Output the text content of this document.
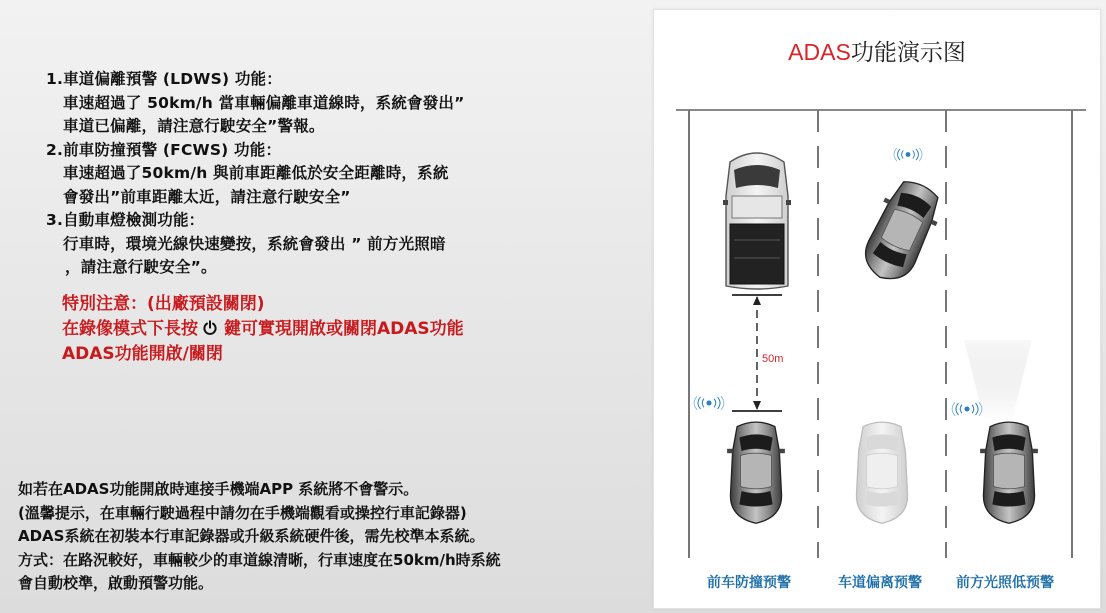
1.車道偏離預警 (LDWS) 功能：
車速超過了 50km/h 當車輛偏離車道線時，系統會發出”
車道已偏離，請注意行駛安全”警報。
2.前車防撞預警 (FCWS) 功能：
車速超過了50km/h 與前車距離低於安全距離時，系統
會發出”前車距離太近，請注意行駛安全”
3.自動車燈檢測功能：
行車時，環境光線快速變按，系統會發出 ” 前方光照暗
，請注意行駛安全”。
特別注意：(出廠預設關閉)
在錄像模式下長按 鍵可實現開啟或關閉ADAS功能
ADAS功能開啟/關閉
如若在ADAS功能開啟時連接手機端APP 系統將不會警示。
(溫馨提示，在車輛行駛過程中請勿在手機端觀看或操控行車記錄器)
ADAS系統在初裝本行車記錄器或升級系統硬件後，需先校準本系統。
方式：在路況較好，車輛較少的車道線清晰，行車速度在50km/h時系統
會自動校準，啟動預警功能。
ADAS功能演示图
50m
前车防撞预警	车道偏离预警 前方光照低预警
